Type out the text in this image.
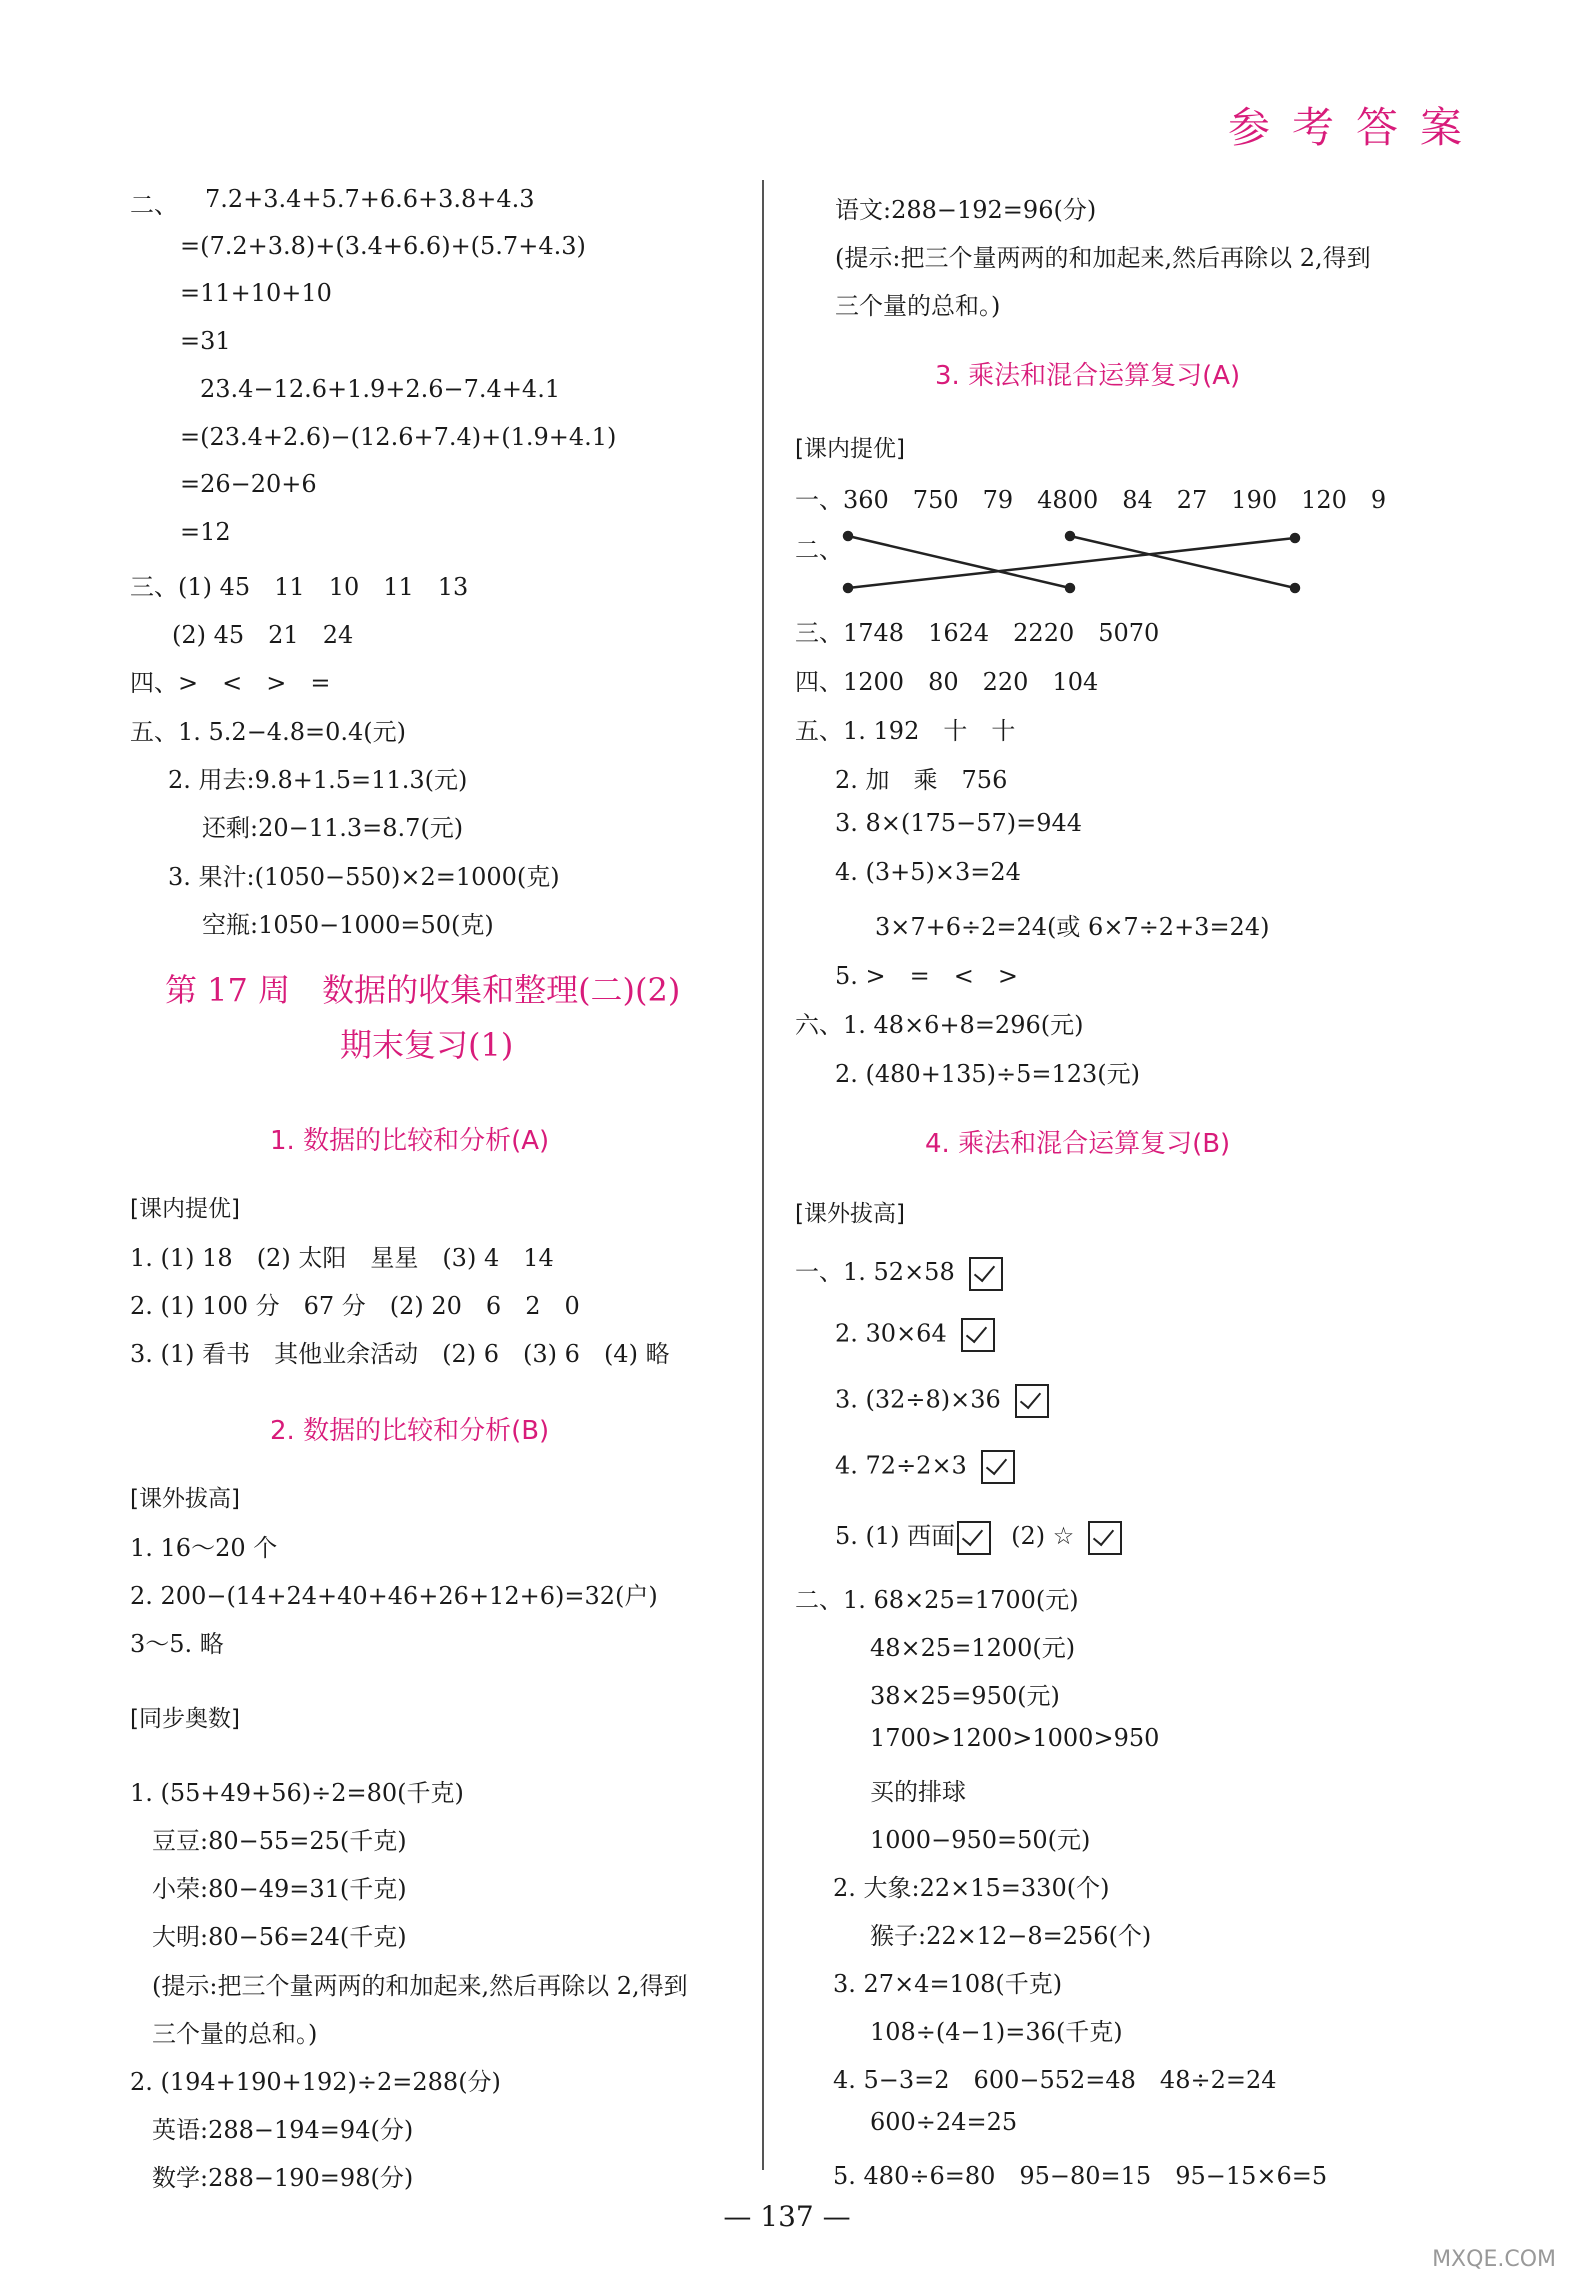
参考答案
二、 7.2+3.4+5.7+6.6+3.8+4.3
=(7.2+3.8)+(3.4+6.6)+(5.7+4.3)
=11+10+10
=31
23.4−12.6+1.9+2.6−7.4+4.1
=(23.4+2.6)−(12.6+7.4)+(1.9+4.1)
=26−20+6
=12
三、(1) 45　11　10　11　13
(2) 45　21　24
四、>　<　>　=
五、1. 5.2−4.8=0.4(元)
2. 用去:9.8+1.5=11.3(元)
还剩:20−11.3=8.7(元)
3. 果汁:(1050−550)×2=1000(克)
空瓶:1050−1000=50(克)
第 17 周　数据的收集和整理(二)(2)
期末复习(1)
1. 数据的比较和分析(A)
[课内提优]
1. (1) 18　(2) 太阳　星星　(3) 4　14
2. (1) 100 分　67 分　(2) 20　6　2　0
3. (1) 看书　其他业余活动　(2) 6　(3) 6　(4) 略
2. 数据的比较和分析(B)
[课外拔高]
1. 16～20 个
2. 200−(14+24+40+46+26+12+6)=32(户)
3～5. 略
[同步奥数]
1. (55+49+56)÷2=80(千克)
豆豆:80−55=25(千克)
小荣:80−49=31(千克)
大明:80−56=24(千克)
(提示:把三个量两两的和加起来,然后再除以 2,得到
三个量的总和。)
2. (194+190+192)÷2=288(分)
英语:288−194=94(分)
数学:288−190=98(分)
语文:288−192=96(分)
(提示:把三个量两两的和加起来,然后再除以 2,得到
三个量的总和。)
3. 乘法和混合运算复习(A)
[课内提优]
一、360　750　79　4800　84　27　190　120　9
二、
三、1748　1624　2220　5070
四、1200　80　220　104
五、1. 192　十　十
2. 加　乘　756
3. 8×(175−57)=944
4. (3+5)×3=24
3×7+6÷2=24(或 6×7÷2+3=24)
5. >　=　<　>
六、1. 48×6+8=296(元)
2. (480+135)÷5=123(元)
4. 乘法和混合运算复习(B)
[课外拔高]
一、1. 52×58
2. 30×64
3. (32÷8)×36
4. 72÷2×3
5. (1) 西面 (2) ☆
二、1. 68×25=1700(元)
48×25=1200(元)
38×25=950(元)
1700>1200>1000>950
买的排球
1000−950=50(元)
2. 大象:22×15=330(个)
猴子:22×12−8=256(个)
3. 27×4=108(千克)
108÷(4−1)=36(千克)
4. 5−3=2　600−552=48　48÷2=24
600÷24=25
5. 480÷6=80　95−80=15　95−15×6=5
— 137 —
MXQE.COM
